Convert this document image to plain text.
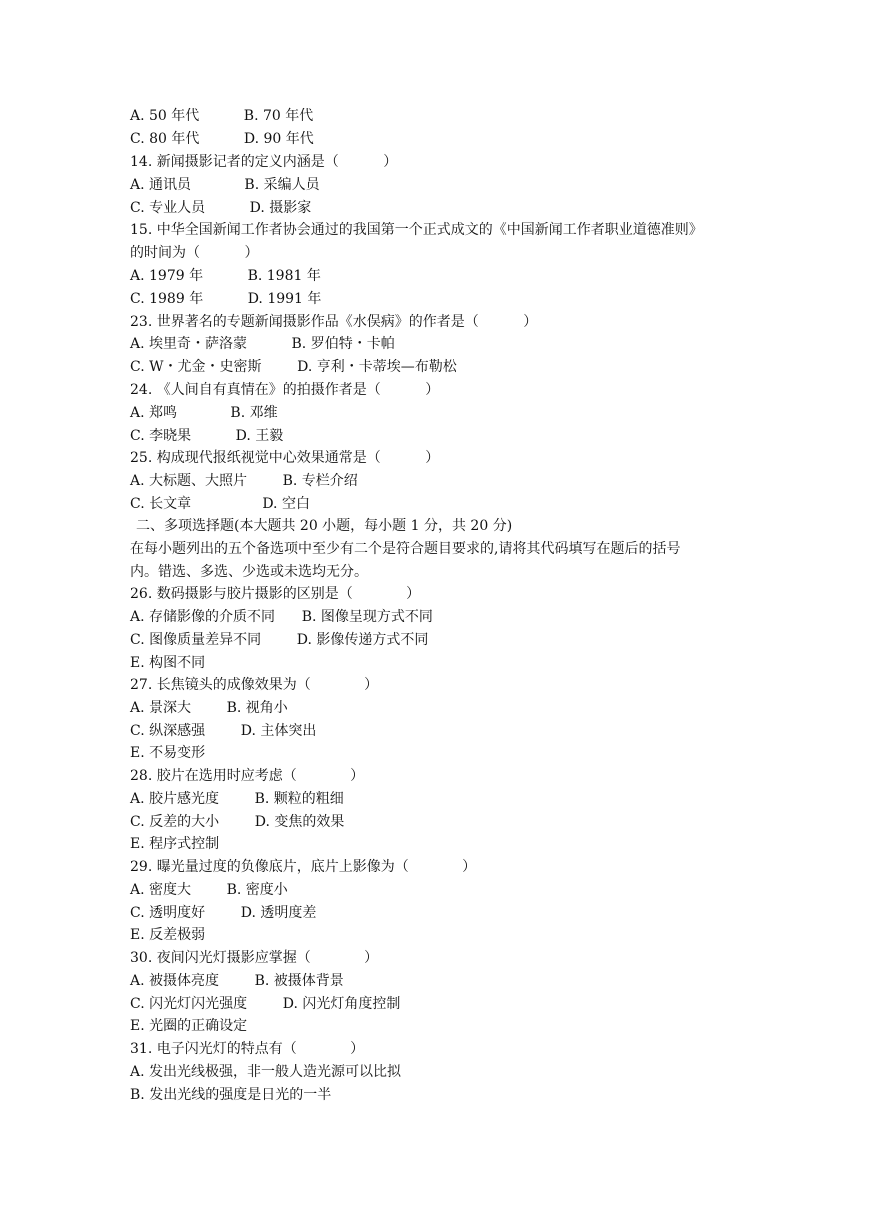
A. 50 年代          B. 70 年代
C. 80 年代          D. 90 年代
14. 新闻摄影记者的定义内涵是（          ）
A. 通讯员            B. 采编人员
C. 专业人员          D. 摄影家
15. 中华全国新闻工作者协会通过的我国第一个正式成文的《中国新闻工作者职业道德准则》
的时间为（          ）
A. 1979 年          B. 1981 年
C. 1989 年          D. 1991 年
23. 世界著名的专题新闻摄影作品《水俣病》的作者是（          ）
A. 埃里奇・萨洛蒙          B. 罗伯特・卡帕
C. W・尤金・史密斯        D. 亨利・卡蒂埃—布勒松
24. 《人间自有真情在》的拍摄作者是（          ）
A. 郑鸣            B. 邓维
C. 李晓果          D. 王毅
25. 构成现代报纸视觉中心效果通常是（          ）
A. 大标题、大照片        B. 专栏介绍
C. 长文章                D. 空白
二、多项选择题(本大题共 20 小题，每小题 1 分，共 20 分)
在每小题列出的五个备选项中至少有二个是符合题目要求的,请将其代码填写在题后的括号
内。错选、多选、少选或未选均无分。
26. 数码摄影与胶片摄影的区别是（            ）
A. 存储影像的介质不同      B. 图像呈现方式不同
C. 图像质量差异不同        D. 影像传递方式不同
E. 构图不同
27. 长焦镜头的成像效果为（            ）
A. 景深大        B. 视角小
C. 纵深感强        D. 主体突出
E. 不易变形
28. 胶片在选用时应考虑（            ）
A. 胶片感光度        B. 颗粒的粗细
C. 反差的大小        D. 变焦的效果
E. 程序式控制
29. 曝光量过度的负像底片，底片上影像为（            ）
A. 密度大        B. 密度小
C. 透明度好        D. 透明度差
E. 反差极弱
30. 夜间闪光灯摄影应掌握（            ）
A. 被摄体亮度        B. 被摄体背景
C. 闪光灯闪光强度        D. 闪光灯角度控制
E. 光圈的正确设定
31. 电子闪光灯的特点有（            ）
A. 发出光线极强，非一般人造光源可以比拟
B. 发出光线的强度是日光的一半
